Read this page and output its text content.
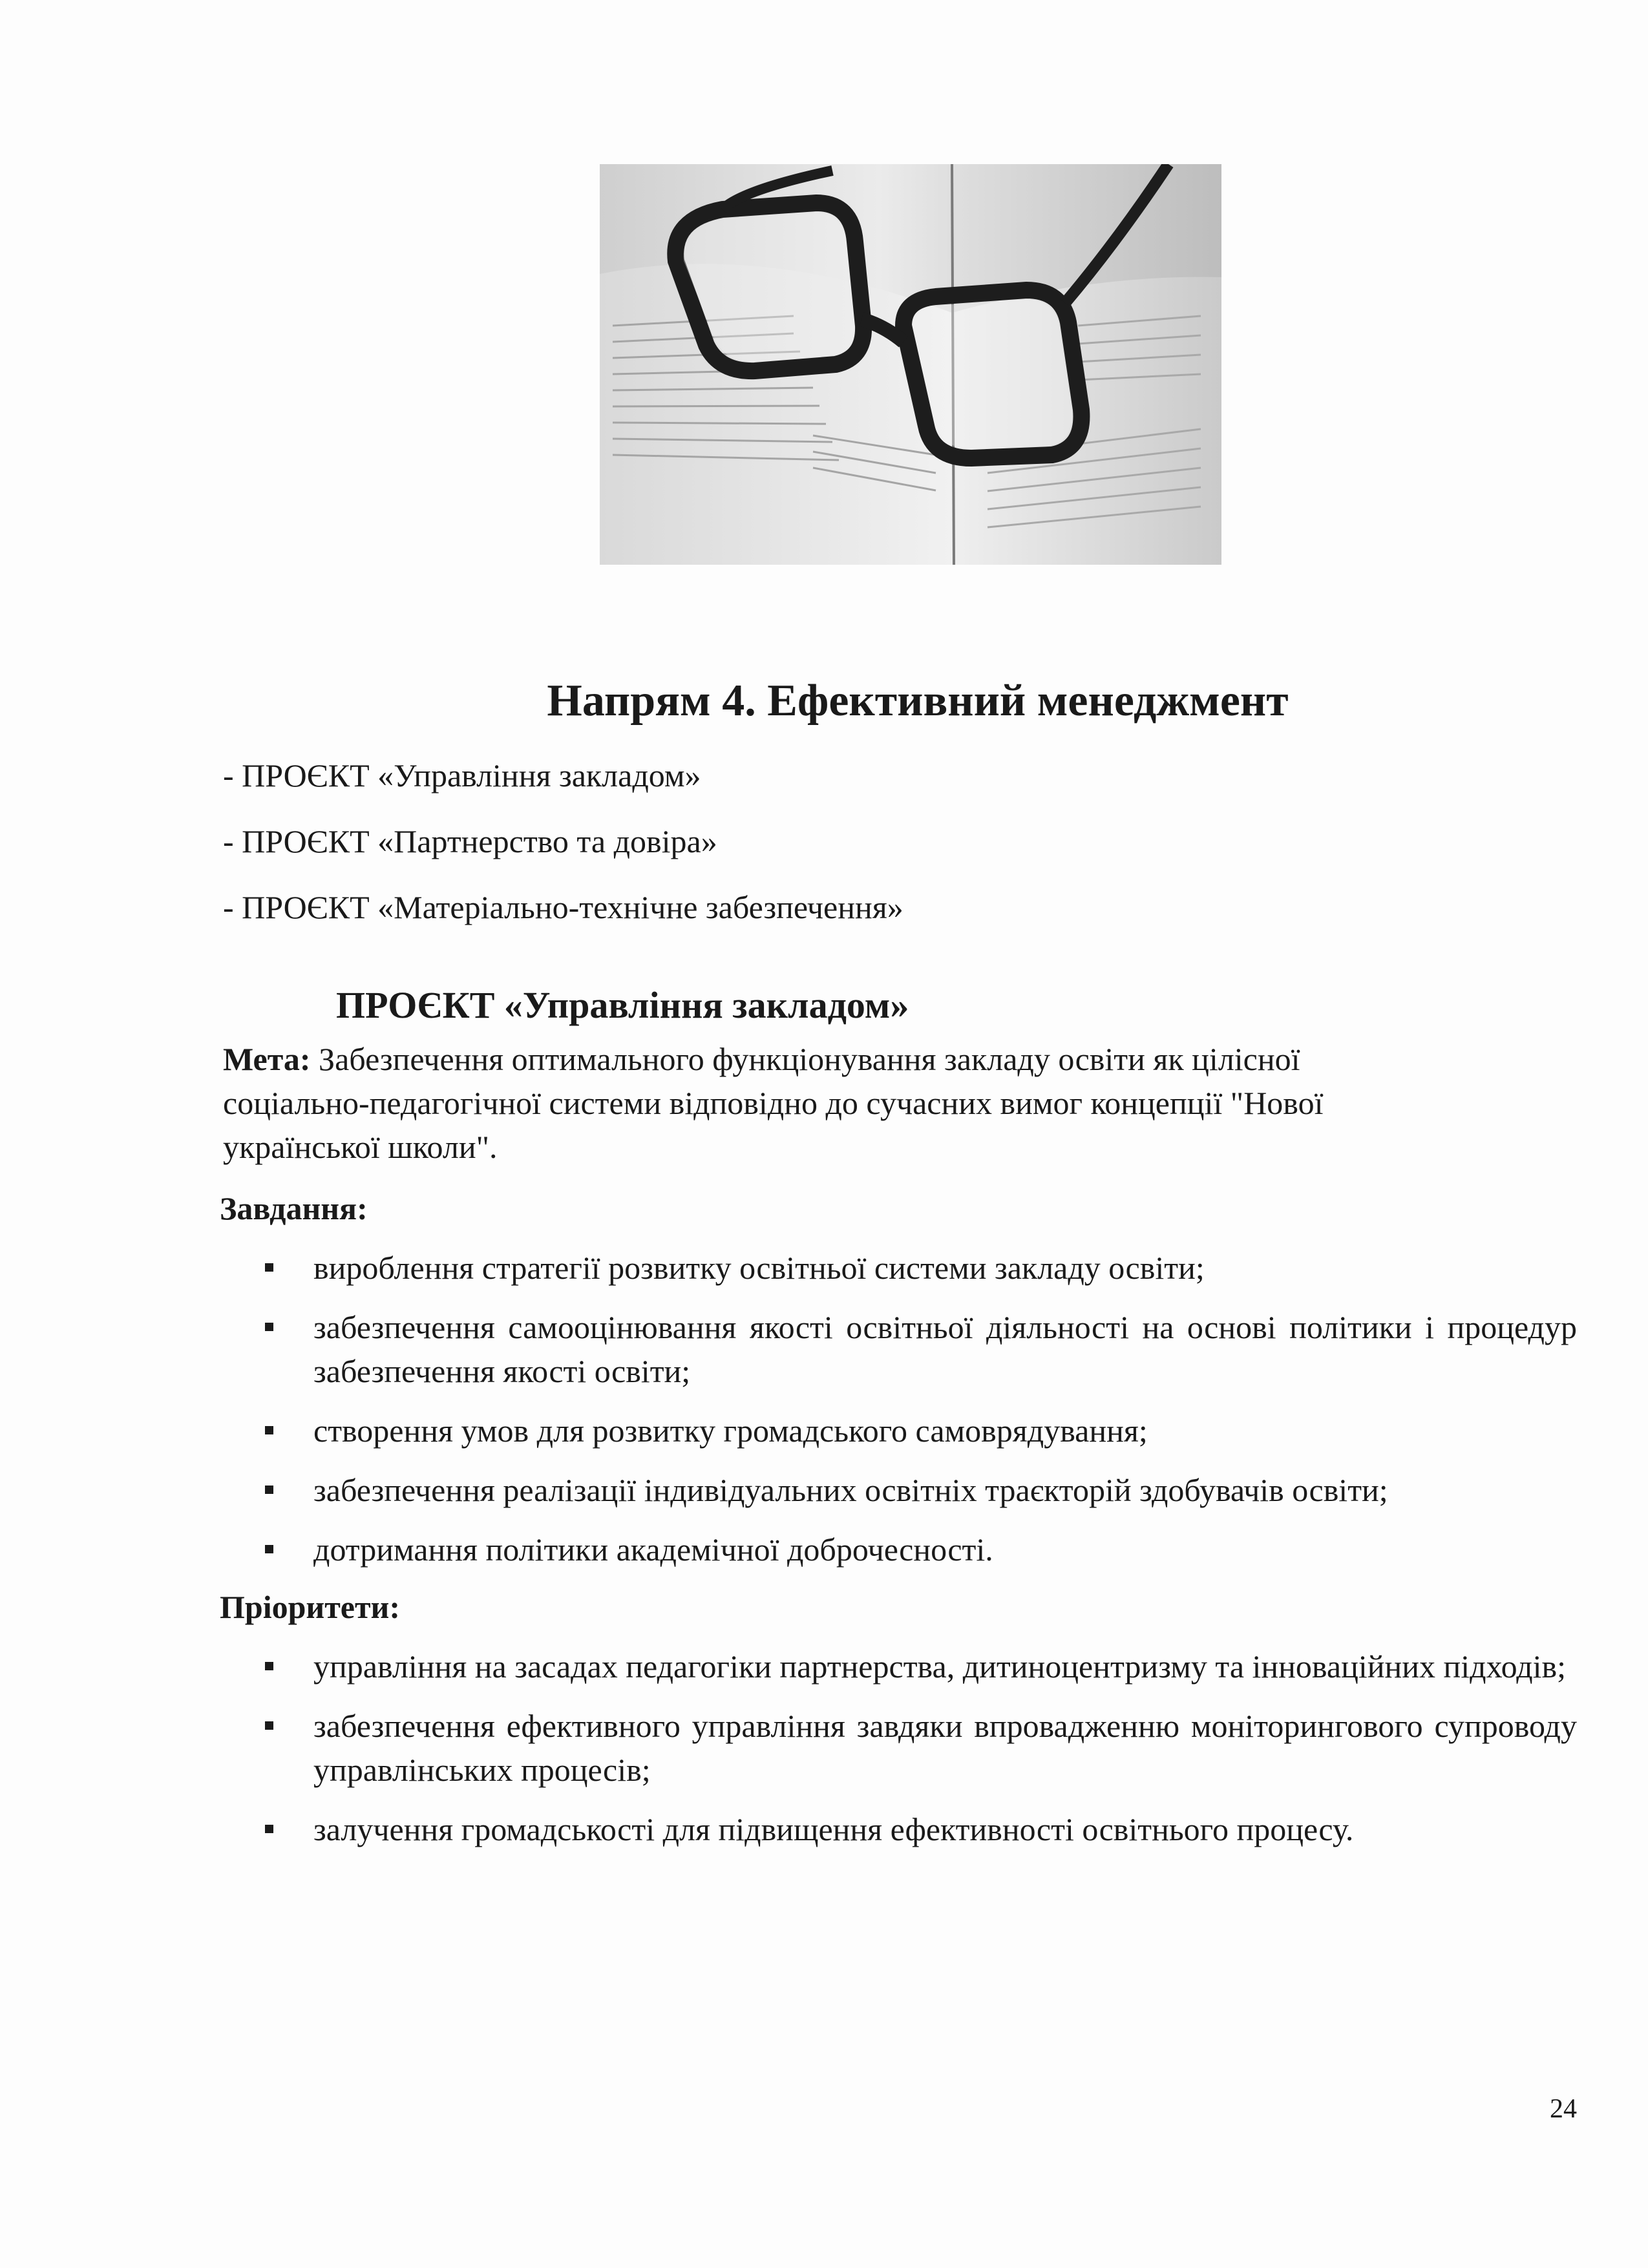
Напрям 4. Ефективний менеджмент
- ПРОЄКТ «Управління закладом»
- ПРОЄКТ «Партнерство та довіра»
- ПРОЄКТ «Матеріально-технічне забезпечення»
ПРОЄКТ «Управління закладом»
Мета: Забезпечення оптимального функціонування закладу освіти як цілісної соціально-педагогічної системи відповідно до сучасних вимог концепції "Нової української школи".
Завдання:
вироблення стратегії розвитку освітньої системи закладу освіти;
забезпечення самооцінювання якості освітньої діяльності на основі політики і процедур забезпечення якості освіти;
створення умов для розвитку громадського самоврядування;
забезпечення реалізації індивідуальних освітніх траєкторій здобувачів освіти;
дотримання політики академічної доброчесності.
Пріоритети:
управління на засадах педагогіки партнерства, дитиноцентризму та інноваційних підходів;
забезпечення ефективного управління завдяки впровадженню моніторингового супроводу управлінських процесів;
залучення громадськості для підвищення ефективності освітнього процесу.
24
